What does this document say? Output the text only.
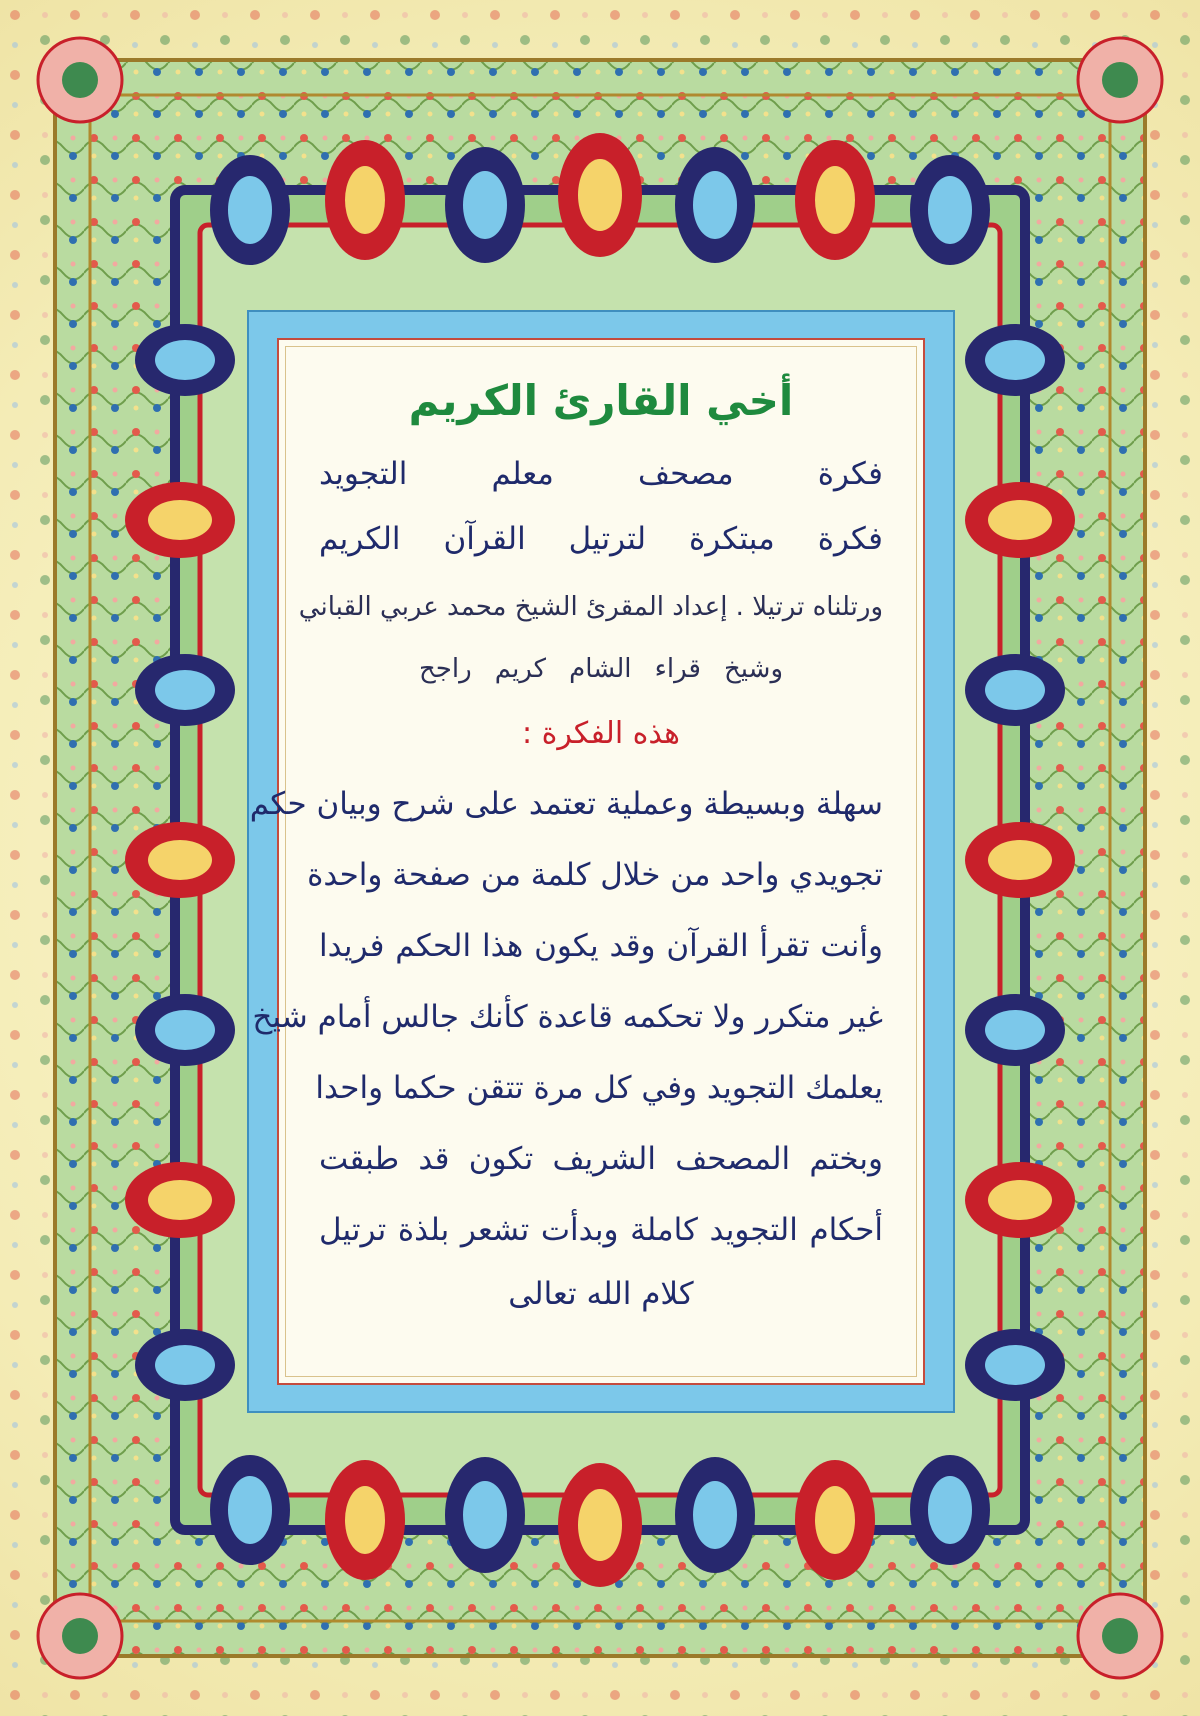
أخي القارئ الكريم
فكرة مصحف معلم التجويد
فكرة مبتكرة لترتيل القرآن الكريم
ورتلناه ترتيلا . إعداد المقرئ الشيخ محمد عربي القباني
وشيخ قراء الشام كريم راجح
هذه الفكرة :
سهلة وبسيطة وعملية تعتمد على شرح وبيان حكم
تجويدي واحد من خلال كلمة من صفحة واحدة
وأنت تقرأ القرآن وقد يكون هذا الحكم فريدا
غير متكرر ولا تحكمه قاعدة كأنك جالس أمام شيخ
يعلمك التجويد وفي كل مرة تتقن حكما واحدا
وبختم المصحف الشريف تكون قد طبقت
أحكام التجويد كاملة وبدأت تشعر بلذة ترتيل
كلام الله تعالى
